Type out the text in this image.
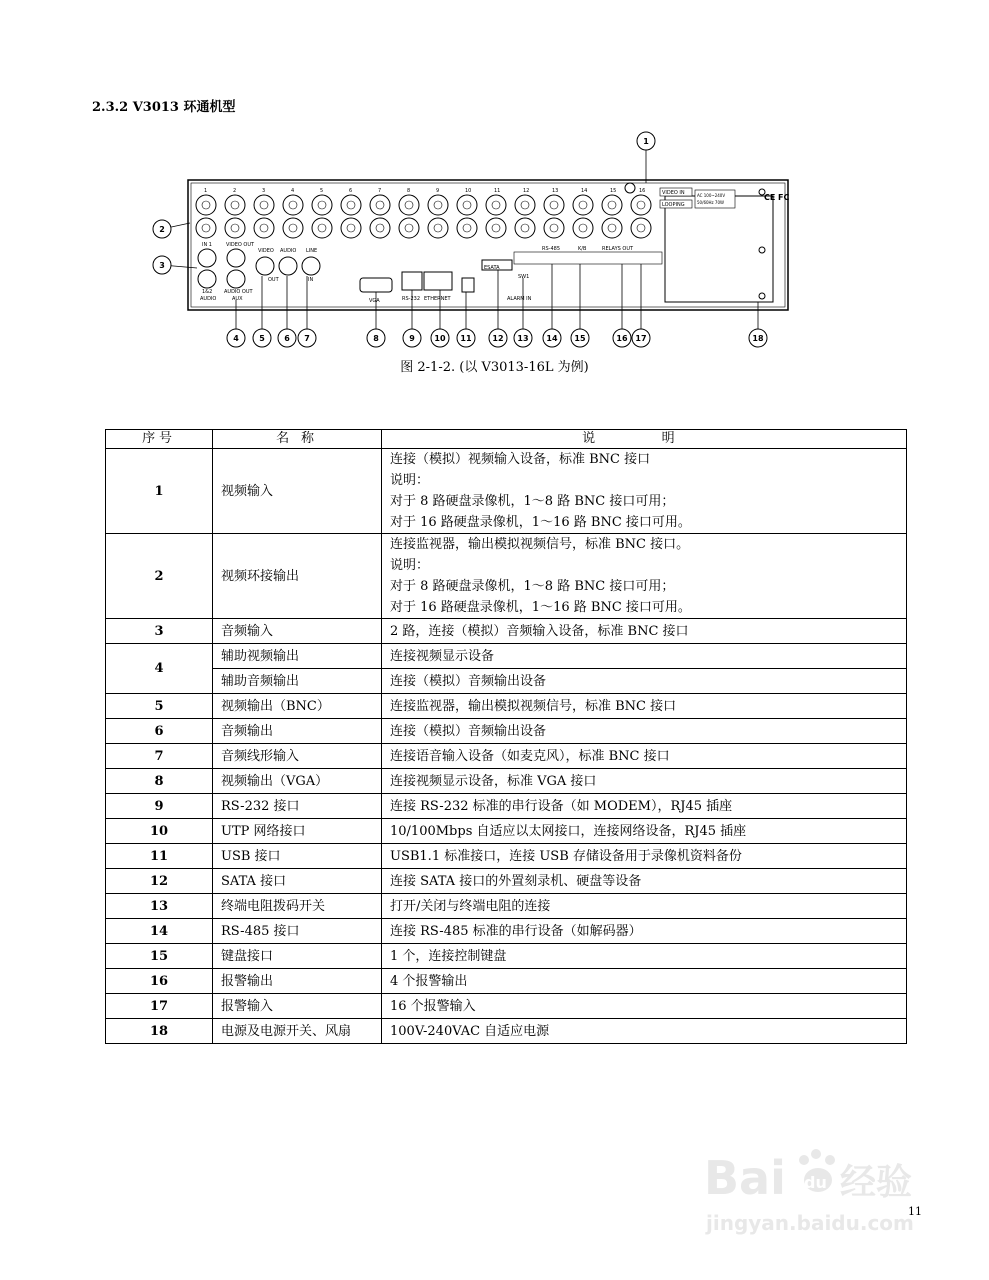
2.3.2 V3013 环通机型
1	2	3	4	5	6	7	8	9	10	11	12	13	14	15	16
IN 1	VIDEO OUT
VIDEO AUDIO LINE
OUT	IN
1&2
AUDIO
AUDIO OUT
AUX	VGA	RS-232 ETHERNET
ESATA
SW1
RS-485	K/B	RELAYS OUT
ALARM IN
VIDEO IN
LOOPING
AC 100~240V
50/60Hz 70W
CE FC
1
2
3
4	5 6 7	8	9 10 11	12 13 14 15	16 17	18
图 2-1-2. (以 V3013-16L 为例)
序号	名 称	说 明
1	视频输入	连接（模拟）视频输入设备，标准 BNC 接口
说明：
对于 8 路硬盘录像机，1～8 路 BNC 接口可用；
对于 16 路硬盘录像机，1～16 路 BNC 接口可用。

2	视频环接输出	连接监视器，输出模拟视频信号，标准 BNC 接口。
说明：
对于 8 路硬盘录像机，1～8 路 BNC 接口可用；
对于 16 路硬盘录像机，1～16 路 BNC 接口可用。

3	音频输入	2 路，连接（模拟）音频输入设备，标准 BNC 接口
4	辅助视频输出	连接视频显示设备
	辅助音频输出	连接（模拟）音频输出设备
5	视频输出（BNC）	连接监视器，输出模拟视频信号，标准 BNC 接口
6	音频输出	连接（模拟）音频输出设备
7	音频线形输入	连接语音输入设备（如麦克风），标准 BNC 接口
8	视频输出（VGA）	连接视频显示设备，标准 VGA 接口
9	RS-232 接口	连接 RS-232 标准的串行设备（如 MODEM），RJ45 插座
10	UTP 网络接口	10/100Mbps 自适应以太网接口，连接网络设备，RJ45 插座
11	USB 接口	USB1.1 标准接口，连接 USB 存储设备用于录像机资料备份
12	SATA 接口	连接 SATA 接口的外置刻录机、硬盘等设备
13	终端电阻拨码开关	打开/关闭与终端电阻的连接
14	RS-485 接口	连接 RS-485 标准的串行设备（如解码器）
15	键盘接口	1 个，连接控制键盘
16	报警输出	4 个报警输出
17	报警输入	16 个报警输入
18	电源及电源开关、风扇	100V-240VAC 自适应电源
11
Bai du 经验
jingyan.baidu.com
